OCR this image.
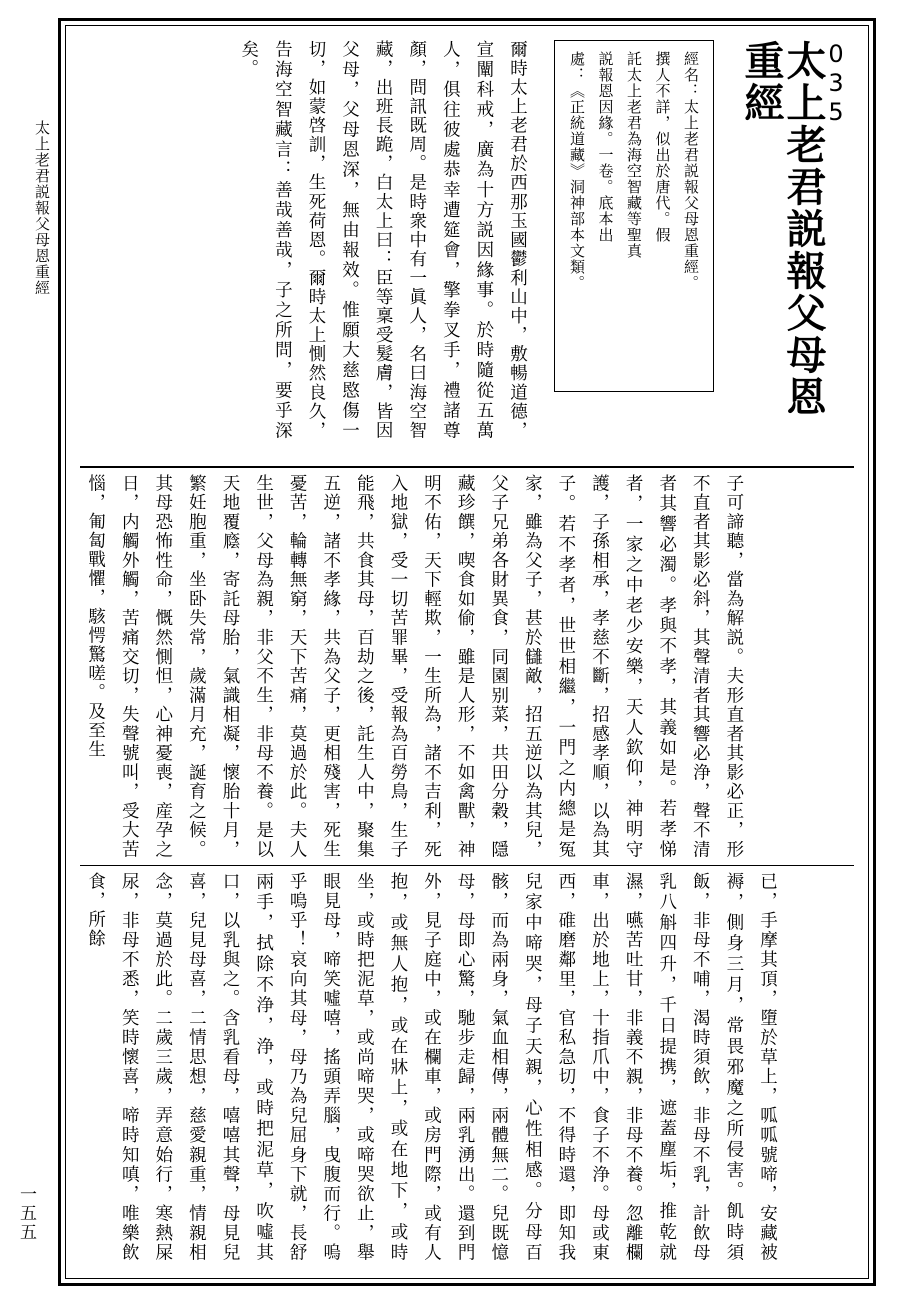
太上老君説報父母恩重經
一五五
035
太上老君説報父母恩重經
經名：太上老君説報父母恩重經。
撰人不詳，似出於唐代。假
託太上老君為海空智藏等聖真
説報恩因緣。一卷。底本出
處：《正統道藏》洞神部本文類。
爾時太上老君於西那玉國鬱利山中，敷暢道德，宣闡科戒，廣為十方説因緣事。於時隨從五萬人，俱往彼處恭幸遭筵會，擎拳叉手，禮諸尊顏，問訊既周。是時衆中有一眞人，名曰海空智藏，出班長跪，白太上曰：臣等稟受髮膚，皆因父母，父母恩深，無由報效。惟願大慈愍傷一切，如蒙啓訓，生死荷恩。爾時太上惻然良久，告海空智藏言：善哉善哉，子之所問，要乎深矣。
子可諦聽，當為解説。夫形直者其影必正，形不直者其影必斜，其聲清者其響必浄，聲不清者其響必濁。孝與不孝，其義如是。若孝悌者，一家之中老少安樂，天人欽仰，神明守護，子孫相承，孝慈不斷，招感孝順，以為其子。若不孝者，世世相繼，一門之内總是冤家，雖為父子，甚於讎敵，招五逆以為其兒，父子兄弟各財異食，同園别菜，共田分穀，隱藏珍饌，喫食如偷，雖是人形，不如禽獸，神明不佑，天下輕欺，一生所為，諸不吉利，死入地獄，受一切苦罪畢，受報為百勞鳥，生子能飛，共食其母，百劫之後，託生人中，聚集五逆，諸不孝緣，共為父子，更相殘害，死生憂苦，輪轉無窮，天下苦痛，莫過於此。夫人生世，父母為親，非父不生，非母不養。是以天地覆廕，寄託母胎，氣識相凝，懷胎十月，繁妊胞重，坐卧失常，歲滿月充，誕育之候。其母恐怖性命，慨然惻怛，心神憂喪，産孕之日，内觸外觸，苦痛交切，失聲號叫，受大苦惱，匍匐戰懼，駭愕驚嗟。及至生
已，手摩其頂，墮於草上，呱呱號啼，安藏被褥，側身三月，常畏邪魔之所侵害。飢時須飯，非母不哺，渴時須飲，非母不乳，計飲母乳八斛四升，千日提携，遮蓋塵垢，推乾就濕，嚥苦吐甘，非義不親，非母不養。忽離欄車，出於地上，十指爪中，食子不浄。母或東西，碓磨鄰里，官私急切，不得時還，即知我兒家中啼哭，母子天親，心性相感。分母百骸，而為兩身，氣血相傳，兩體無二。兒既憶母，母即心驚，馳步走歸，兩乳湧出。還到門外，見子庭中，或在欄車，或房門際，或有人抱，或無人抱，或在牀上，或在地下，或時坐，或時把泥草，或尚啼哭，或啼哭欲止，舉眼見母，啼笑噓嘻，搖頭弄腦，曳腹而行。嗚乎嗚乎！哀向其母，母乃為兒屈身下就，長舒兩手，拭除不浄，浄，或時把泥草，吹噓其口，以乳與之。含乳看母，嘻嘻其聲，母見兒喜，兒見母喜，二情思想，慈愛親重，情親相念，莫過於此。二歲三歲，弄意始行，寒熱屎尿，非母不悉，笑時懷喜，啼時知嗔，唯樂飲食，所餘
